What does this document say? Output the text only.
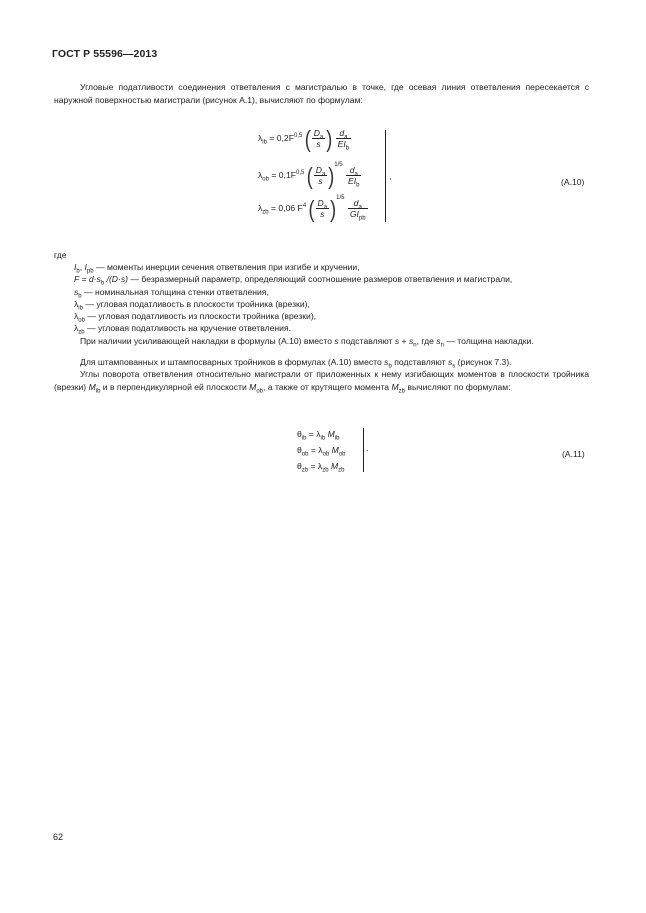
ГОСТ Р 55596—2013
Угловые податливости соединения ответвления с магистралью в точке, где осевая линия ответвления пересекается с наружной поверхностью магистрали (рисунок А.1), вычисляют по формулам:
$\lambda_{ib} = 0,2F^{0,5}$ ( $\frac{D_a}{s}$ ) $\frac{d_a}{EI_b}$
$\lambda_{ob} = 0,1F^{0,5}$ ( $\frac{D_a}{s} )^{1/5}$
$\frac{d_a}{EI_b}$
$\lambda_{zb} = 0,06$ $F^4$ ( $\frac{D_a}{s} )^{1/5}$
$\frac{d_a}{GI_{pb}}$
,
(А.10)
где
$I_b$, $I_{pb}$ — моменты инерции сечения ответвления при изгибе и кручении,
$F = d\cdot s_b$ /(D·s) — безразмерный параметр, определяющий соотношение размеров ответвления и магистрали,
$s_b$ — номинальная толщина стенки ответвления,
$\lambda_{ib}$ — угловая податливость в плоскости тройника (врезки),
$\lambda_{ob}$ — угловая податливость из плоскости тройника (врезки),
$\lambda_{zb}$ — угловая податливость на кручение ответвления.
При наличии усиливающей накладки в формулы (А.10) вместо s подставляют $s + s_n$, где $s_n$ — толщина накладки.
Для штампованных и штампосварных тройников в формулах (А.10) вместо $s_b$ подставляют $s_s$ (рисунок 7.3).
Углы поворота ответвления относительно магистрали от приложенных к нему изгибающих моментов в плоскости тройника (врезки) $M_{ib}$ и в перпендикулярной ей плоскости $M_{ob}$, а также от крутящего момента $M_{zb}$ вычисляют по формулам:
$\theta_{ib} = \lambda_{ib}$ $M_{ib}$
$\theta_{ob} = \lambda_{ob}$ $M_{ob}$
$\theta_{zb} = \lambda_{zb}$ $M_{zb}$
.
(А.11)
62
